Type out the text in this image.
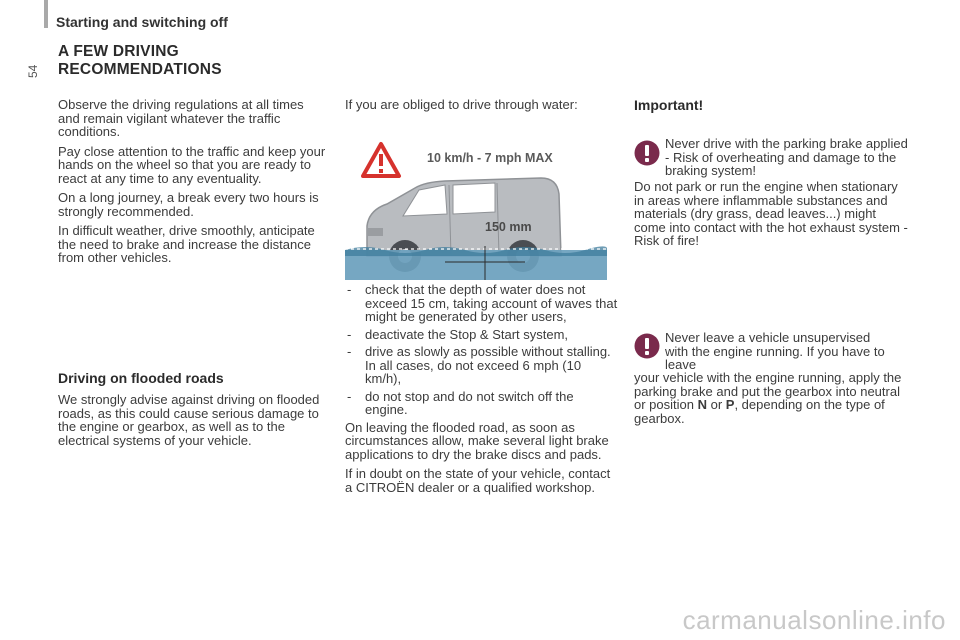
54
Starting and switching off
A FEW DRIVING
RECOMMENDATIONS

Observe the driving regulations at all times and remain vigilant whatever the traffic conditions.

Pay close attention to the traffic and keep your hands on the wheel so that you are ready to react at any time to any eventuality.

On a long journey, a break every two hours is strongly recommended.

In difficult weather, drive smoothly, anticipate the need to brake and increase the distance from other vehicles.

Driving on flooded roads

We strongly advise against driving on flooded roads, as this could cause serious damage to the engine or gearbox, as well as to the electrical systems of your vehicle.

If you are obliged to drive through water:

10 km/h - 7 mph MAX
150 mm
- check that the depth of water does not exceed 15 cm, taking account of waves that might be generated by other users,
- deactivate the Stop & Start system,
- drive as slowly as possible without stalling. In all cases, do not exceed 6 mph (10 km/h),
- do not stop and do not switch off the engine.

On leaving the flooded road, as soon as circumstances allow, make several light brake applications to dry the brake discs and pads.

If in doubt on the state of your vehicle, contact a CITROËN dealer or a qualified workshop.

Important!

Never drive with the parking brake applied - Risk of overheating and damage to the braking system!

Do not park or run the engine when stationary in areas where inflammable substances and materials (dry grass, dead leaves...) might come into contact with the hot exhaust system - Risk of fire!

Never leave a vehicle unsupervised with the engine running. If you have to leave

your vehicle with the engine running, apply the parking brake and put the gearbox into neutral or position N or P, depending on the type of gearbox.

carmanualsonline.info
